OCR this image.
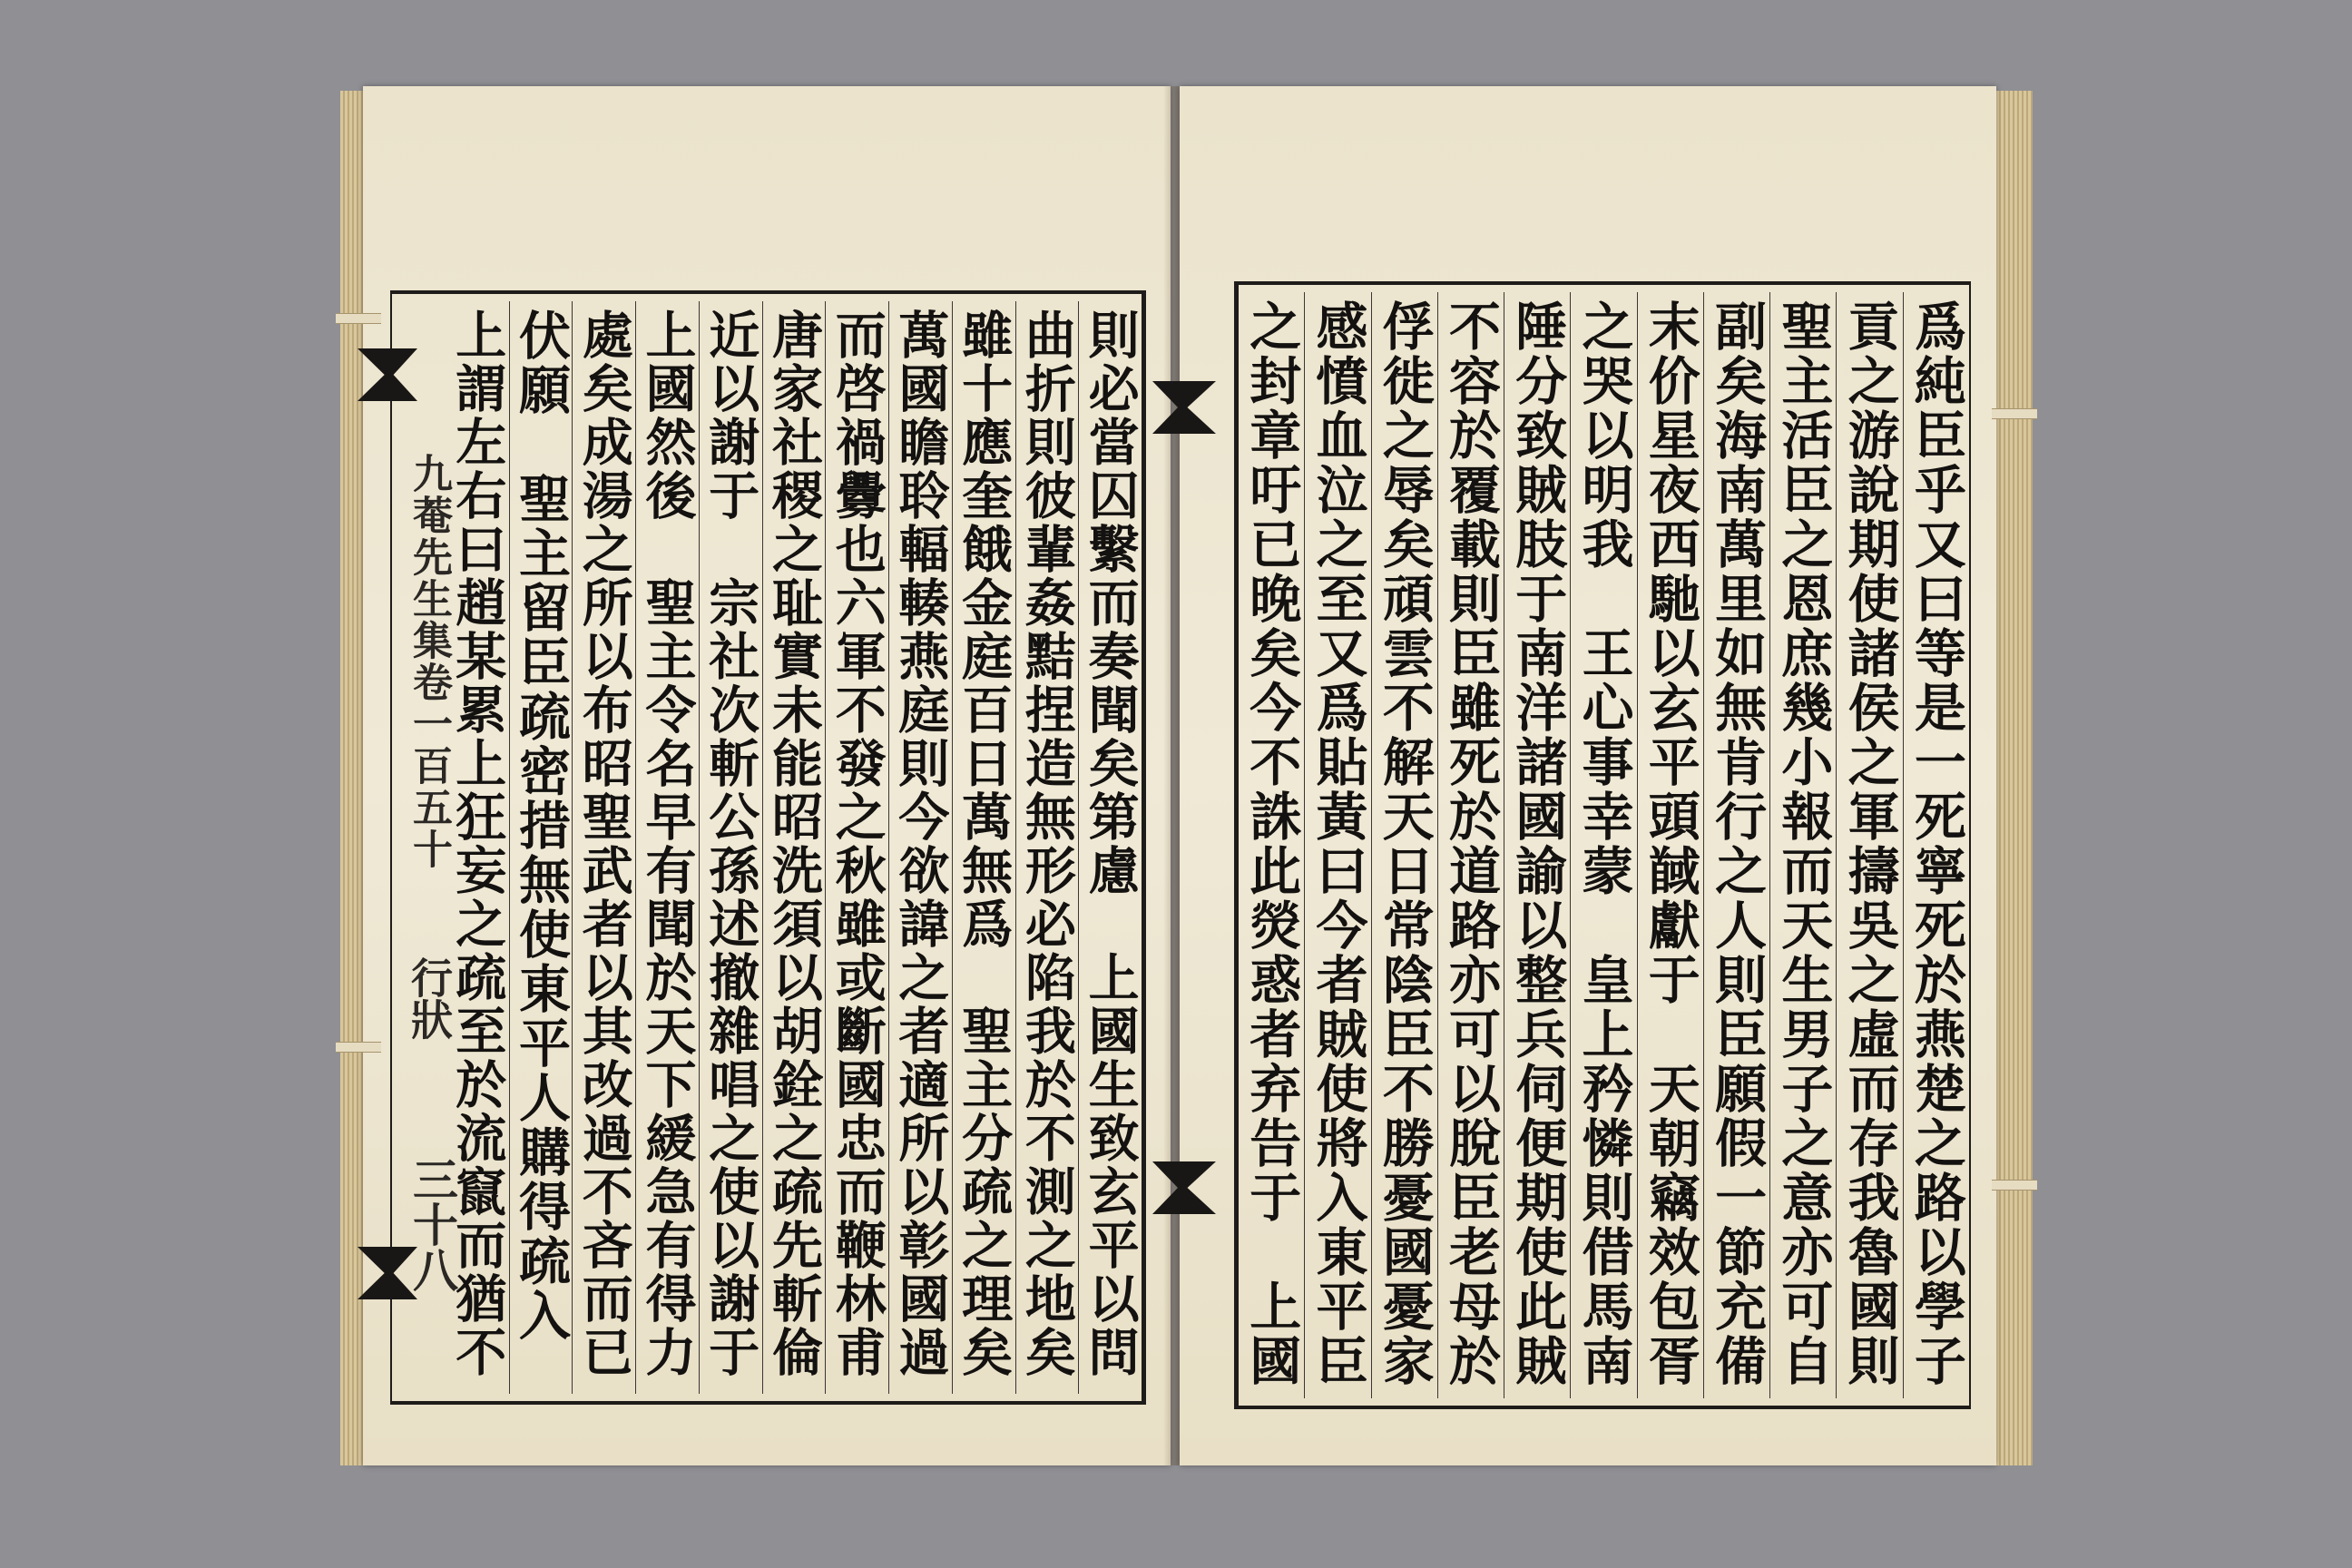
則必當囚繫而奏聞矣第慮　上國生致玄平以問
曲折則彼輩姦黠捏造無形必陷我於不測之地矣
雖十應奎餓金庭百日萬無爲　聖主分疏之理矣
萬國瞻聆輻輳燕庭則今欲諱之者適所以彰國過
而啓禍釁也六軍不發之秋雖或斷國忠而鞭林甫
唐家社稷之耻實未能昭洗須以胡銓之疏先斬倫
近以謝于　宗社次斬公孫述撤雜唱之使以謝于
上國然後　聖主令名早有聞於天下緩急有得力
處矣成湯之所以布昭聖武者以其改過不吝而已
伏願　聖主留臣疏密措無使東平人購得疏入
上謂左右曰趙某累上狂妄之疏至於流竄而猶不
九菴先生集卷一百五十
行狀
三十八	爲純臣乎又曰等是一死寧死於燕楚之路以學子
貢之游說期使諸侯之軍擣吳之虛而存我魯國則
聖主活臣之恩庶幾小報而天生男子之意亦可自
副矣海南萬里如無肯行之人則臣願假一節充備
末价星夜西馳以玄平頭馘獻于　天朝竊效包胥
之哭以明我　王心事幸蒙　皇上矜憐則借馬南
陲分致賊肢于南洋諸國諭以整兵伺便期使此賊
不容於覆載則臣雖死於道路亦可以脫臣老母於
俘徙之辱矣頑雲不解天日常陰臣不勝憂國憂家
感憤血泣之至又爲貼黃曰今者賊使將入東平臣
之封章吁已晚矣今不誅此熒惑者弃告于　上國
